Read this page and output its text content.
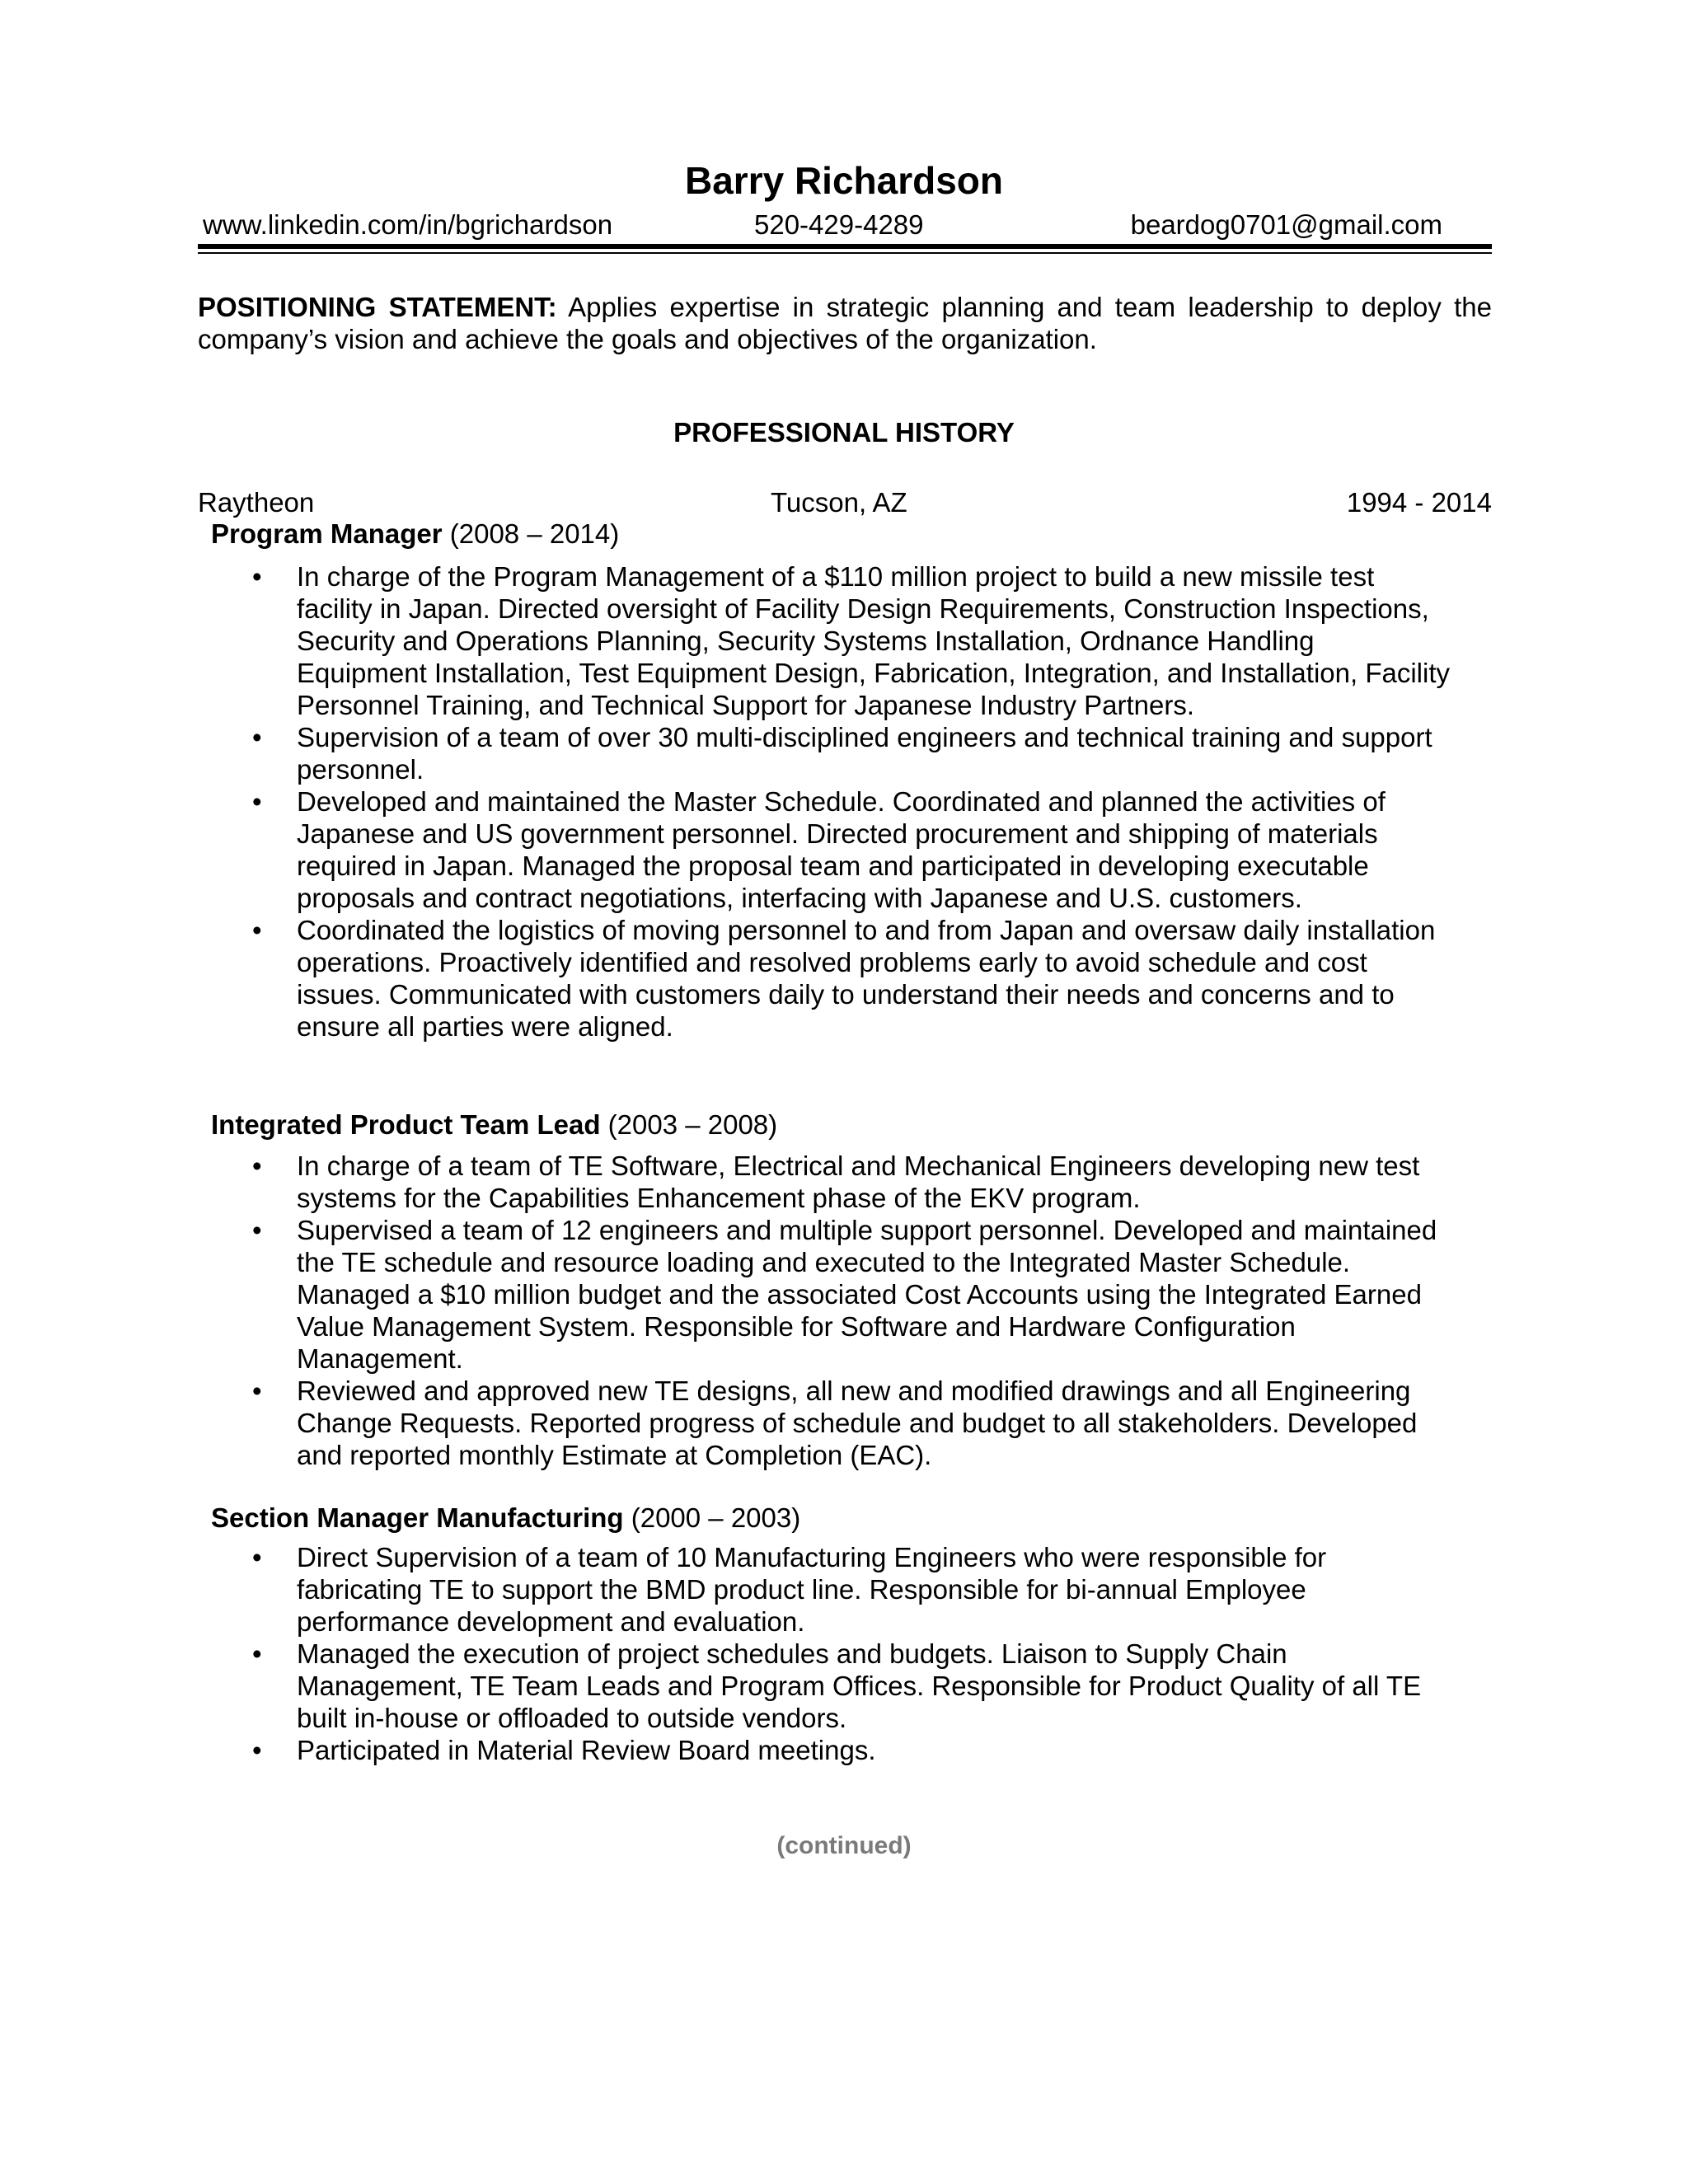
Barry Richardson
www.linkedin.com/in/bgrichardson	520-429-4289	beardog0701@gmail.com
POSITIONING STATEMENT: Applies expertise in strategic planning and team leadership to deploy the company’s vision and achieve the goals and objectives of the organization.
PROFESSIONAL HISTORY
Raytheon	Tucson, AZ	1994 - 2014
Program Manager (2008 – 2014)
• In charge of the Program Management of a $110 million project to build a new missile test facility in Japan. Directed oversight of Facility Design Requirements, Construction Inspections, Security and Operations Planning, Security Systems Installation, Ordnance Handling Equipment Installation, Test Equipment Design, Fabrication, Integration, and Installation, Facility Personnel Training, and Technical Support for Japanese Industry Partners.
• Supervision of a team of over 30 multi-disciplined engineers and technical training and support personnel.
• Developed and maintained the Master Schedule. Coordinated and planned the activities of Japanese and US government personnel. Directed procurement and shipping of materials required in Japan. Managed the proposal team and participated in developing executable proposals and contract negotiations, interfacing with Japanese and U.S. customers.
• Coordinated the logistics of moving personnel to and from Japan and oversaw daily installation operations. Proactively identified and resolved problems early to avoid schedule and cost issues. Communicated with customers daily to understand their needs and concerns and to ensure all parties were aligned.
Integrated Product Team Lead (2003 – 2008)
• In charge of a team of TE Software, Electrical and Mechanical Engineers developing new test systems for the Capabilities Enhancement phase of the EKV program.
• Supervised a team of 12 engineers and multiple support personnel. Developed and maintained the TE schedule and resource loading and executed to the Integrated Master Schedule. Managed a $10 million budget and the associated Cost Accounts using the Integrated Earned Value Management System. Responsible for Software and Hardware Configuration Management.
• Reviewed and approved new TE designs, all new and modified drawings and all Engineering Change Requests. Reported progress of schedule and budget to all stakeholders. Developed and reported monthly Estimate at Completion (EAC).
Section Manager Manufacturing (2000 – 2003)
• Direct Supervision of a team of 10 Manufacturing Engineers who were responsible for fabricating TE to support the BMD product line. Responsible for bi-annual Employee performance development and evaluation.
• Managed the execution of project schedules and budgets. Liaison to Supply Chain Management, TE Team Leads and Program Offices. Responsible for Product Quality of all TE built in-house or offloaded to outside vendors.
• Participated in Material Review Board meetings.
(continued)
